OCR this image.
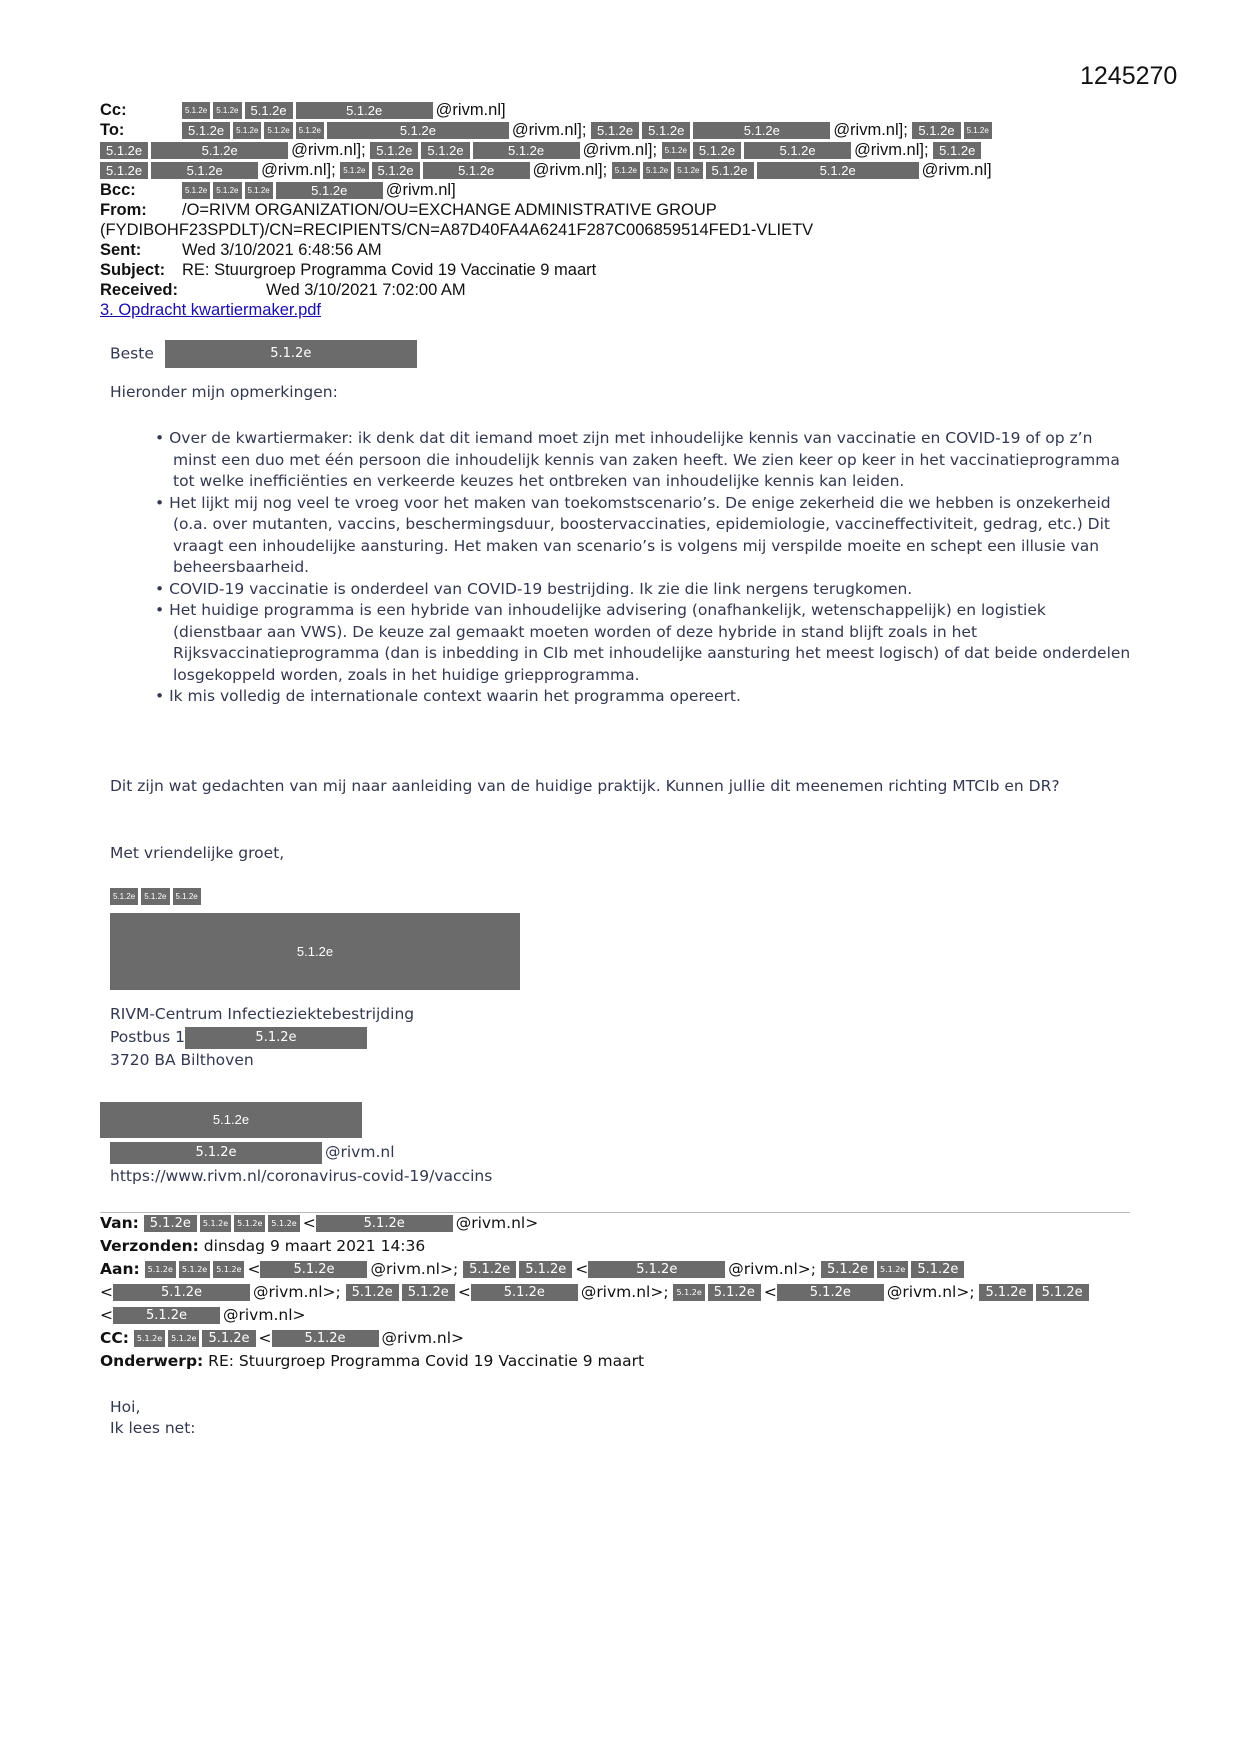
1245270
Cc:	5.1.2e 5.1.2e 5.1.2e	5.1.2e	@rivm.nl]
To:	5.1.2e 5.1.2e 5.1.2e 5.1.2e	5.1.2e	@rivm.nl]; 5.1.2e 5.1.2e	5.1.2e	@rivm.nl]; 5.1.2e 5.1.2e
5.1.2e	5.1.2e	@rivm.nl]; 5.1.2e 5.1.2e	5.1.2e @rivm.nl]; 5.1.2e 5.1.2e	5.1.2e @rivm.nl]; 5.1.2e
5.1.2e	5.1.2e @rivm.nl]; 5.1.2e 5.1.2e	5.1.2e @rivm.nl]; 5.1.2e 5.1.2e 5.1.2e 5.1.2e	5.1.2e	@rivm.nl]
Bcc:	5.1.2e 5.1.2e 5.1.2e	5.1.2e @rivm.nl]
From: /O=RIVM ORGANIZATION/OU=EXCHANGE ADMINISTRATIVE GROUP
(FYDIBOHF23SPDLT)/CN=RECIPIENTS/CN=A87D40FA4A6241F287C006859514FED1-VLIETV
Sent: Wed 3/10/2021 6:48:56 AM
Subject: RE: Stuurgroep Programma Covid 19 Vaccinatie 9 maart
Received:	Wed 3/10/2021 7:02:00 AM
3. Opdracht kwartiermaker.pdf
Beste	5.1.2e
Hieronder mijn opmerkingen:
• Over de kwartiermaker: ik denk dat dit iemand moet zijn met inhoudelijke kennis van vaccinatie en COVID-19 of op z’n minst een duo met één persoon die inhoudelijk kennis van zaken heeft. We zien keer op keer in het vaccinatieprogramma tot welke inefficiënties en verkeerde keuzes het ontbreken van inhoudelijke kennis kan leiden.
• Het lijkt mij nog veel te vroeg voor het maken van toekomstscenario’s. De enige zekerheid die we hebben is onzekerheid (o.a. over mutanten, vaccins, beschermingsduur, boostervaccinaties, epidemiologie, vaccineffectiviteit, gedrag, etc.) Dit vraagt een inhoudelijke aansturing. Het maken van scenario’s is volgens mij verspilde moeite en schept een illusie van beheersbaarheid.
• COVID-19 vaccinatie is onderdeel van COVID-19 bestrijding. Ik zie die link nergens terugkomen.
• Het huidige programma is een hybride van inhoudelijke advisering (onafhankelijk, wetenschappelijk) en logistiek (dienstbaar aan VWS). De keuze zal gemaakt moeten worden of deze hybride in stand blijft zoals in het Rijksvaccinatieprogramma (dan is inbedding in CIb met inhoudelijke aansturing het meest logisch) of dat beide onderdelen losgekoppeld worden, zoals in het huidige griepprogramma.
• Ik mis volledig de internationale context waarin het programma opereert.
Dit zijn wat gedachten van mij naar aanleiding van de huidige praktijk. Kunnen jullie dit meenemen richting MTCIb en DR?
Met vriendelijke groet,
5.1.2e 5.1.2e 5.1.2e
5.1.2e
RIVM-Centrum Infectieziektebestrijding
Postbus 1	5.1.2e
3720 BA Bilthoven
5.1.2e
5.1.2e	@rivm.nl
https://www.rivm.nl/coronavirus-covid-19/vaccins
Van: 5.1.2e 5.1.2e 5.1.2e 5.1.2e <	5.1.2e	@rivm.nl>
Verzonden: dinsdag 9 maart 2021 14:36
Aan: 5.1.2e 5.1.2e 5.1.2e <	5.1.2e @rivm.nl>; 5.1.2e 5.1.2e <	5.1.2e	@rivm.nl>; 5.1.2e 5.1.2e 5.1.2e
<	5.1.2e	@rivm.nl>; 5.1.2e 5.1.2e <	5.1.2e @rivm.nl>; 5.1.2e 5.1.2e <	5.1.2e @rivm.nl>; 5.1.2e 5.1.2e
<	5.1.2e @rivm.nl>
CC: 5.1.2e 5.1.2e 5.1.2e <	5.1.2e @rivm.nl>
Onderwerp: RE: Stuurgroep Programma Covid 19 Vaccinatie 9 maart
Hoi,
Ik lees net:
